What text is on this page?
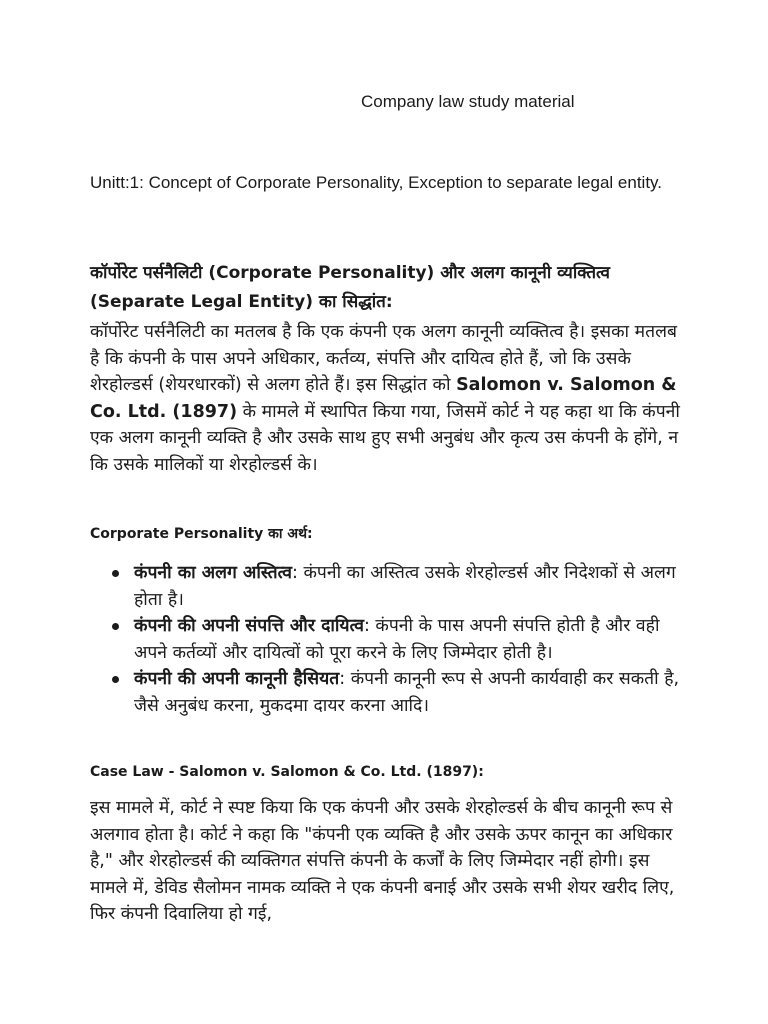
Company law study material
Unitt:1: Concept of Corporate Personality, Exception to separate legal entity.
कॉर्पोरेट पर्सनैलिटी (Corporate Personality) और अलग कानूनी व्यक्तित्व (Separate Legal Entity) का सिद्धांत:
कॉर्पोरेट पर्सनैलिटी का मतलब है कि एक कंपनी एक अलग कानूनी व्यक्तित्व है। इसका मतलब है कि कंपनी के पास अपने अधिकार, कर्तव्य, संपत्ति और दायित्व होते हैं, जो कि उसके शेरहोल्डर्स (शेयरधारकों) से अलग होते हैं। इस सिद्धांत को Salomon v. Salomon & Co. Ltd. (1897) के मामले में स्थापित किया गया, जिसमें कोर्ट ने यह कहा था कि कंपनी एक अलग कानूनी व्यक्ति है और उसके साथ हुए सभी अनुबंध और कृत्य उस कंपनी के होंगे, न कि उसके मालिकों या शेरहोल्डर्स के।
Corporate Personality का अर्थ:
कंपनी का अलग अस्तित्व: कंपनी का अस्तित्व उसके शेरहोल्डर्स और निदेशकों से अलग होता है।
कंपनी की अपनी संपत्ति और दायित्व: कंपनी के पास अपनी संपत्ति होती है और वही अपने कर्तव्यों और दायित्वों को पूरा करने के लिए जिम्मेदार होती है।
कंपनी की अपनी कानूनी हैसियत: कंपनी कानूनी रूप से अपनी कार्यवाही कर सकती है, जैसे अनुबंध करना, मुकदमा दायर करना आदि।
Case Law - Salomon v. Salomon & Co. Ltd. (1897):
इस मामले में, कोर्ट ने स्पष्ट किया कि एक कंपनी और उसके शेरहोल्डर्स के बीच कानूनी रूप से अलगाव होता है। कोर्ट ने कहा कि "कंपनी एक व्यक्ति है और उसके ऊपर कानून का अधिकार है," और शेरहोल्डर्स की व्यक्तिगत संपत्ति कंपनी के कर्जों के लिए जिम्मेदार नहीं होगी। इस मामले में, डेविड सैलोमन नामक व्यक्ति ने एक कंपनी बनाई और उसके सभी शेयर खरीद लिए, फिर कंपनी दिवालिया हो गई,
